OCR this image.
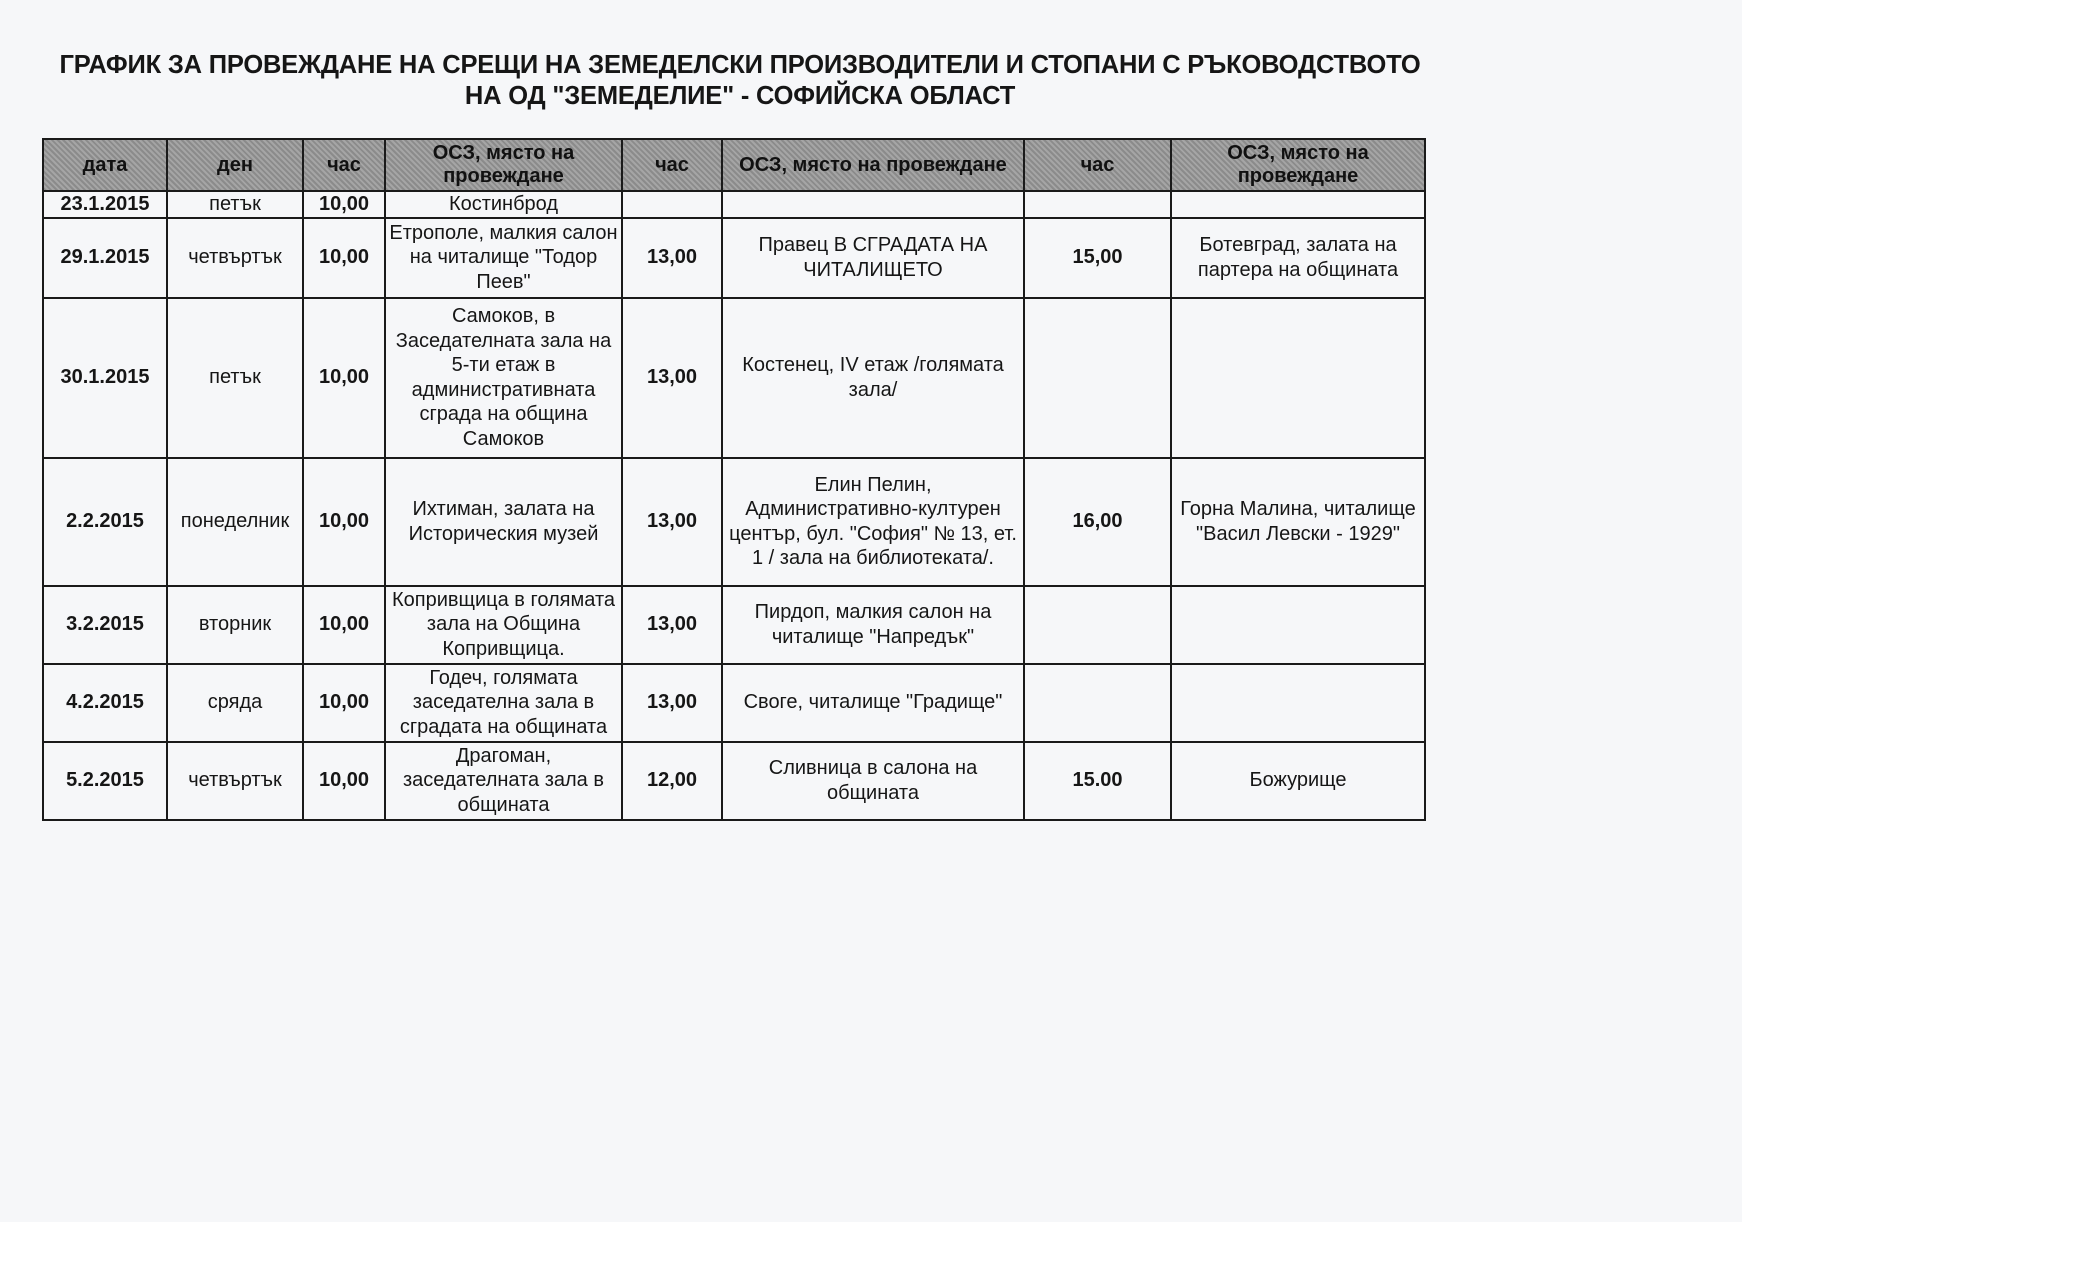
ГРАФИК ЗА ПРОВЕЖДАНЕ НА СРЕЩИ НА ЗЕМЕДЕЛСКИ ПРОИЗВОДИТЕЛИ И СТОПАНИ С РЪКОВОДСТВОТО
НА ОД "ЗЕМЕДЕЛИЕ" - СОФИЙСКА ОБЛАСТ
дата	ден	час	ОСЗ, място на провеждане	час	ОСЗ, място на провеждане	час	ОСЗ, място на провеждане
23.1.2015	петък	10,00	Костинброд				
29.1.2015	четвъртък	10,00	Етрополе, малкия салон на читалище "Тодор Пеев"	13,00	Правец В СГРАДАТА НА ЧИТАЛИЩЕТО	15,00	Ботевград, залата на партера на общината
30.1.2015	петък	10,00	Самоков, в Заседателната зала на 5-ти етаж в административната сграда на община Самоков	13,00	Костенец, IV етаж /голямата зала/		
2.2.2015	понеделник	10,00	Ихтиман, залата на Историческия музей	13,00	Елин Пелин, Административно-културен център, бул. "София" № 13, ет. 1 / зала на библиотеката/.	16,00	Горна Малина, читалище "Васил Левски - 1929"
3.2.2015	вторник	10,00	Копривщица в голямата зала на Община Копривщица.	13,00	Пирдоп, малкия салон на читалище "Напредък"		
4.2.2015	сряда	10,00	Годеч, голямата заседателна зала в сградата на общината	13,00	Своге, читалище "Градище"		
5.2.2015	четвъртък	10,00	Драгоман, заседателната зала в общината	12,00	Сливница в салона на общината	15.00	Божурище
